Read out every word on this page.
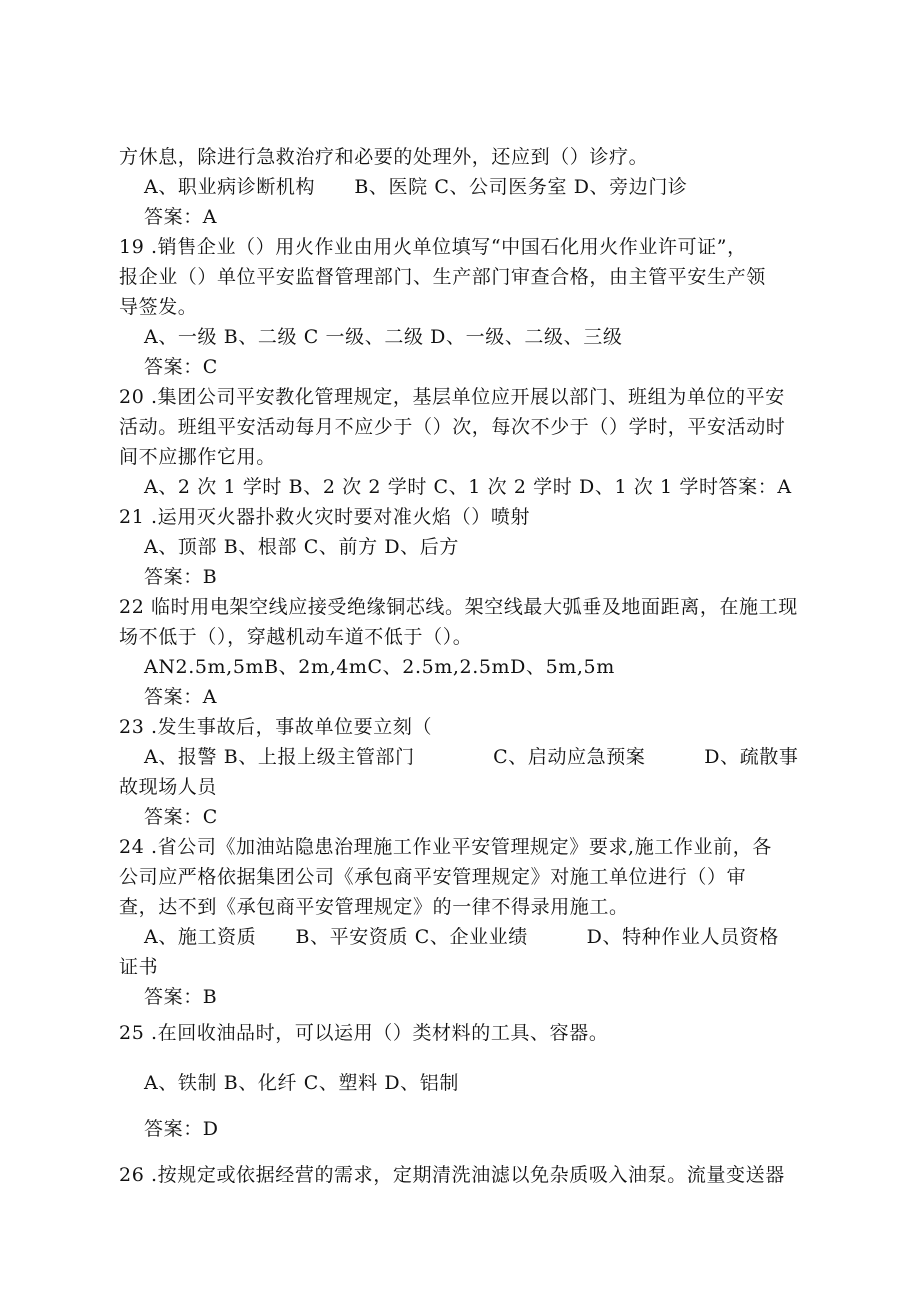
方休息，除进行急救治疗和必要的处理外，还应到（）诊疗。
A、职业病诊断机构　　B、医院 C、公司医务室 D、旁边门诊
答案：A
19 .销售企业（）用火作业由用火单位填写“中国石化用火作业许可证”，
报企业（）单位平安监督管理部门、生产部门审查合格，由主管平安生产领
导签发。
A、一级 B、二级 C 一级、二级 D、一级、二级、三级
答案：C
20 .集团公司平安教化管理规定，基层单位应开展以部门、班组为单位的平安
活动。班组平安活动每月不应少于（）次，每次不少于（）学时，平安活动时
间不应挪作它用。
A、2 次 1 学时 B、2 次 2 学时 C、1 次 2 学时 D、1 次 1 学时答案：A
21 .运用灭火器扑救火灾时要对准火焰（）喷射
A、顶部 B、根部 C、前方 D、后方
答案：B
22 临时用电架空线应接受绝缘铜芯线。架空线最大弧垂及地面距离，在施工现
场不低于（），穿越机动车道不低于（）。
AN2.5m,5mB、2m,4mC、2.5m,2.5mD、5m,5m
答案：A
23 .发生事故后，事故单位要立刻（
A、报警 B、上报上级主管部门　　　　C、启动应急预案　　　D、疏散事
故现场人员
答案：C
24 .省公司《加油站隐患治理施工作业平安管理规定》要求,施工作业前，各
公司应严格依据集团公司《承包商平安管理规定》对施工单位进行（）审
查，达不到《承包商平安管理规定》的一律不得录用施工。
A、施工资质　　B、平安资质 C、企业业绩　　　D、特种作业人员资格
证书
答案：B
25 .在回收油品时，可以运用（）类材料的工具、容器。
A、铁制 B、化纤 C、塑料 D、铝制
答案：D
26 .按规定或依据经营的需求，定期清洗油滤以免杂质吸入油泵。流量变送器
